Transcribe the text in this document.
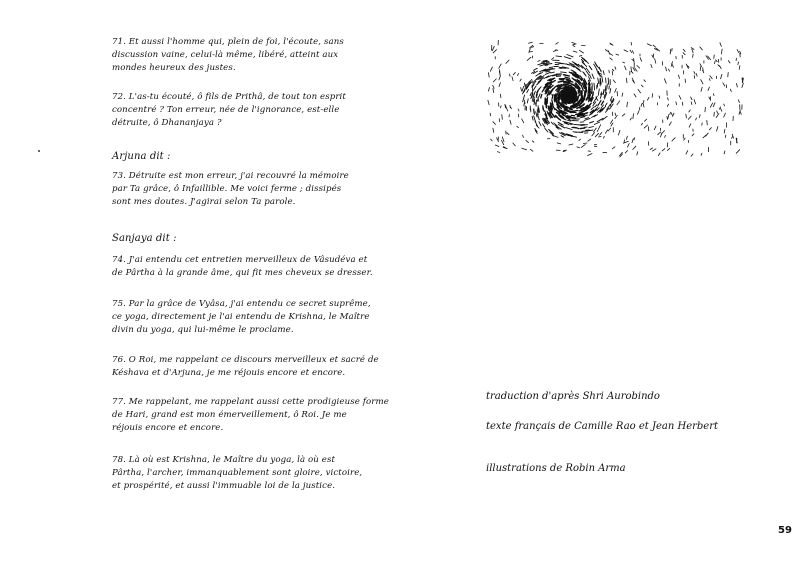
71. Et aussi l'homme qui, plein de foi, l'écoute, sans
discussion vaine, celui-là même, libéré, atteint aux
mondes heureux des justes.

72. L'as-tu écouté, ô fils de Prithâ, de tout ton esprit
concentré ? Ton erreur, née de l'ignorance, est-elle
détruite, ô Dhananjaya ?

Arjuna dit :

73. Détruite est mon erreur, j'ai recouvré la mémoire
par Ta grâce, ô Infaillible. Me voici ferme ; dissipés
sont mes doutes. J'agirai selon Ta parole.

Sanjaya dit :

74. J'ai entendu cet entretien merveilleux de Vâsudéva et
de Pârtha à la grande âme, qui fit mes cheveux se dresser.

75. Par la grâce de Vyâsa, j'ai entendu ce secret suprême,
ce yoga, directement je l'ai entendu de Krishna, le Maître
divin du yoga, qui lui-même le proclame.

76. O Roi, me rappelant ce discours merveilleux et sacré de
Késhava et d'Arjuna, je me réjouis encore et encore.

77. Me rappelant, me rappelant aussi cette prodigieuse forme
de Hari, grand est mon émerveillement, ô Roi. Je me
réjouis encore et encore.

78. Là où est Krishna, le Maître du yoga, là où est
Pârtha, l'archer, immanquablement sont gloire, victoire,
et prospérité, et aussi l'immuable loi de la justice.

traduction d'après Shri Aurobindo
texte français de Camille Rao et Jean Herbert
illustrations de Robin Arma
59
